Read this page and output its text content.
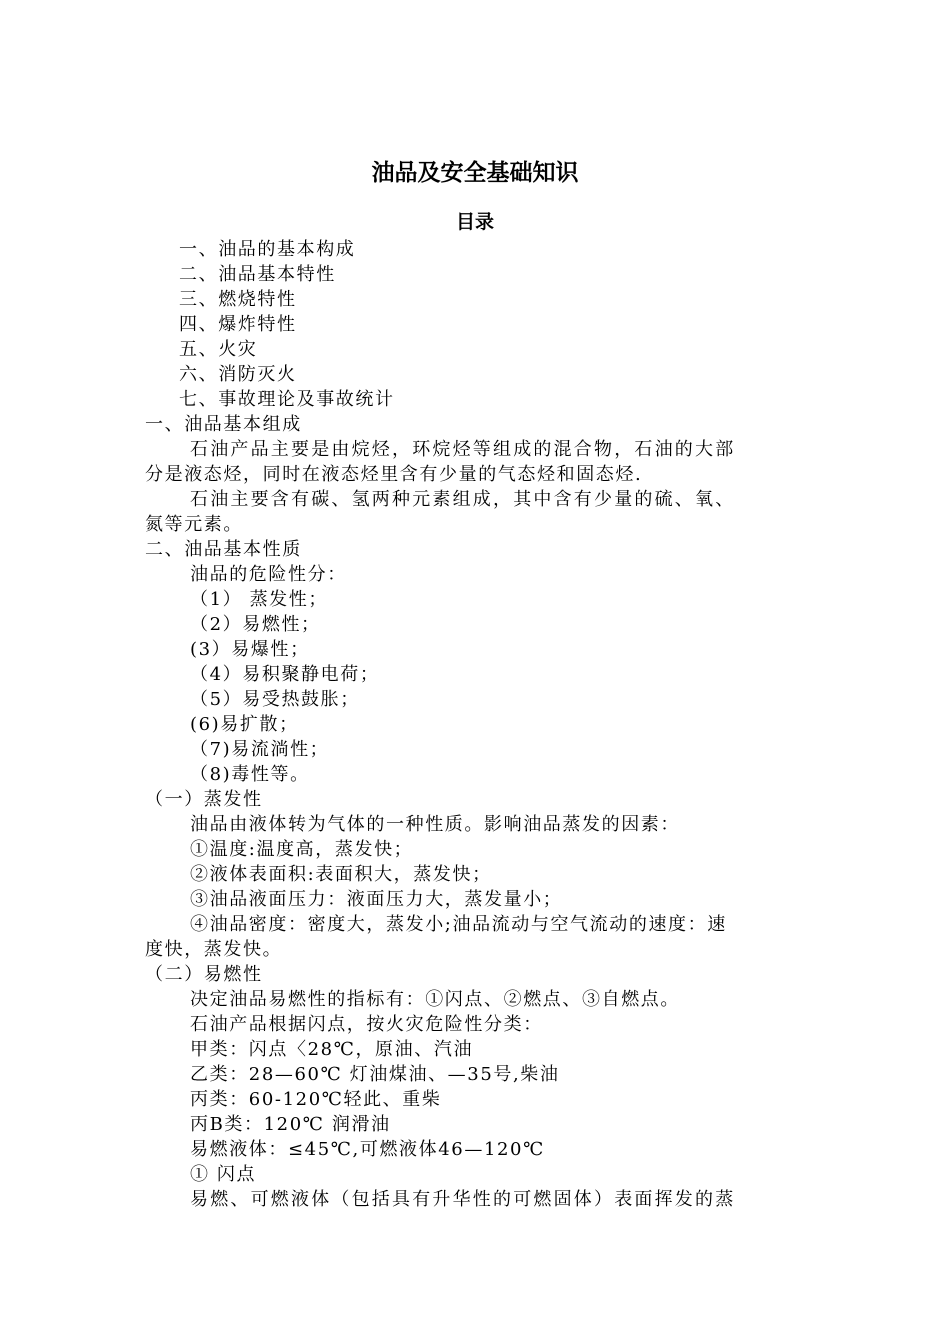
油品及安全基础知识
目录
一、油品的基本构成
二、油品基本特性
三、燃烧特性
四、爆炸特性
五、火灾
六、消防灭火
七、事故理论及事故统计
一、油品基本组成
石油产品主要是由烷烃，环烷烃等组成的混合物，石油的大部
分是液态烃，同时在液态烃里含有少量的气态烃和固态烃.
石油主要含有碳、氢两种元素组成，其中含有少量的硫、氧、
氮等元素。
二、油品基本性质
油品的危险性分：
（1） 蒸发性；
（2）易燃性；
(3）易爆性；
（4）易积聚静电荷；
（5）易受热鼓胀；
(6)易扩散；
（7)易流淌性；
（8)毒性等。
（一）蒸发性
油品由液体转为气体的一种性质。影响油品蒸发的因素：
①温度:温度高，蒸发快；
②液体表面积:表面积大，蒸发快；
③油品液面压力：液面压力大，蒸发量小；
④油品密度：密度大，蒸发小;油品流动与空气流动的速度：速
度快，蒸发快。
（二）易燃性
决定油品易燃性的指标有：①闪点、②燃点、③自燃点。
石油产品根据闪点，按火灾危险性分类：
甲类：闪点〈28℃，原油、汽油
乙类：28—60℃ 灯油煤油、—35号,柴油
丙类：60-120℃轻此、重柴
丙B类：120℃ 润滑油
易燃液体：≤45℃,可燃液体46—120℃
① 闪点
易燃、可燃液体（包括具有升华性的可燃固体）表面挥发的蒸
